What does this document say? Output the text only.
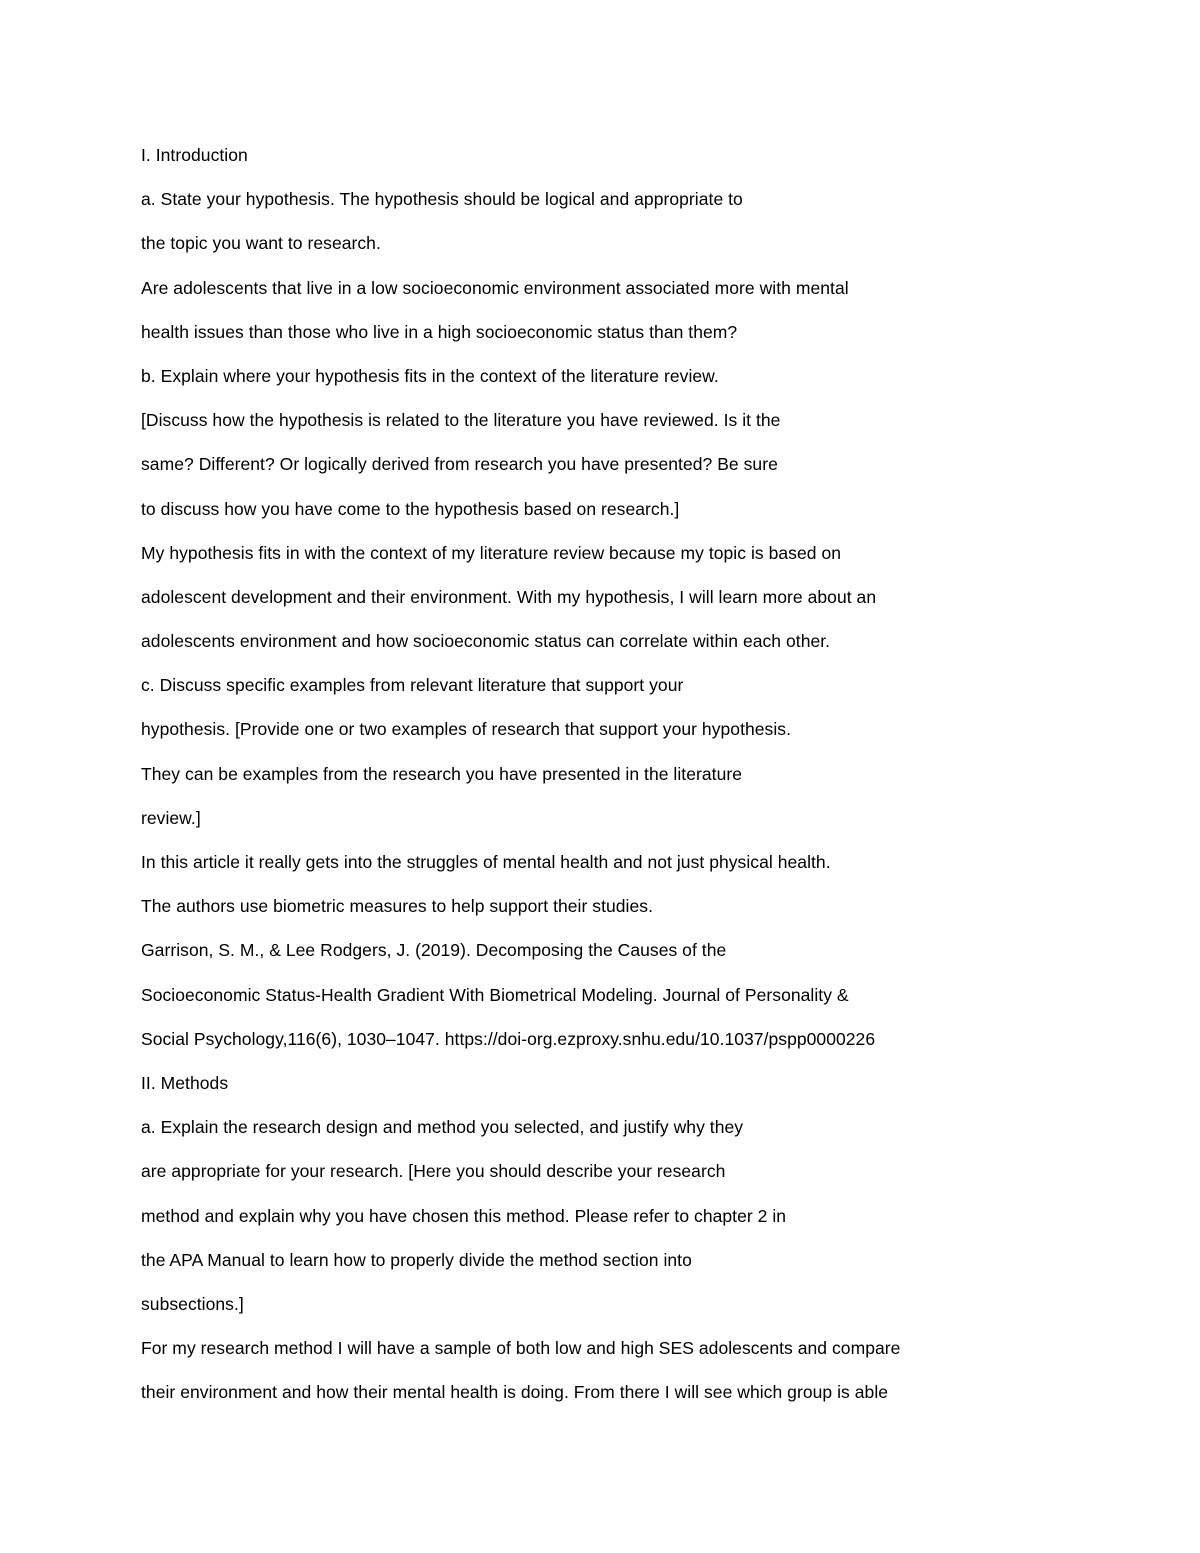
I. Introduction
a. State your hypothesis. The hypothesis should be logical and appropriate to
the topic you want to research.
Are adolescents that live in a low socioeconomic environment associated more with mental
health issues than those who live in a high socioeconomic status than them?
b. Explain where your hypothesis fits in the context of the literature review.
[Discuss how the hypothesis is related to the literature you have reviewed. Is it the
same? Different? Or logically derived from research you have presented? Be sure
to discuss how you have come to the hypothesis based on research.]
My hypothesis fits in with the context of my literature review because my topic is based on
adolescent development and their environment. With my hypothesis, I will learn more about an
adolescents environment and how socioeconomic status can correlate within each other.
c. Discuss specific examples from relevant literature that support your
hypothesis. [Provide one or two examples of research that support your hypothesis.
They can be examples from the research you have presented in the literature
review.]
In this article it really gets into the struggles of mental health and not just physical health.
The authors use biometric measures to help support their studies.
Garrison, S. M., & Lee Rodgers, J. (2019). Decomposing the Causes of the
Socioeconomic Status-Health Gradient With Biometrical Modeling. Journal of Personality &
Social Psychology,116(6), 1030–1047. https://doi-org.ezproxy.snhu.edu/10.1037/pspp0000226
II. Methods
a. Explain the research design and method you selected, and justify why they
are appropriate for your research. [Here you should describe your research
method and explain why you have chosen this method. Please refer to chapter 2 in
the APA Manual to learn how to properly divide the method section into
subsections.]
For my research method I will have a sample of both low and high SES adolescents and compare
their environment and how their mental health is doing. From there I will see which group is able
